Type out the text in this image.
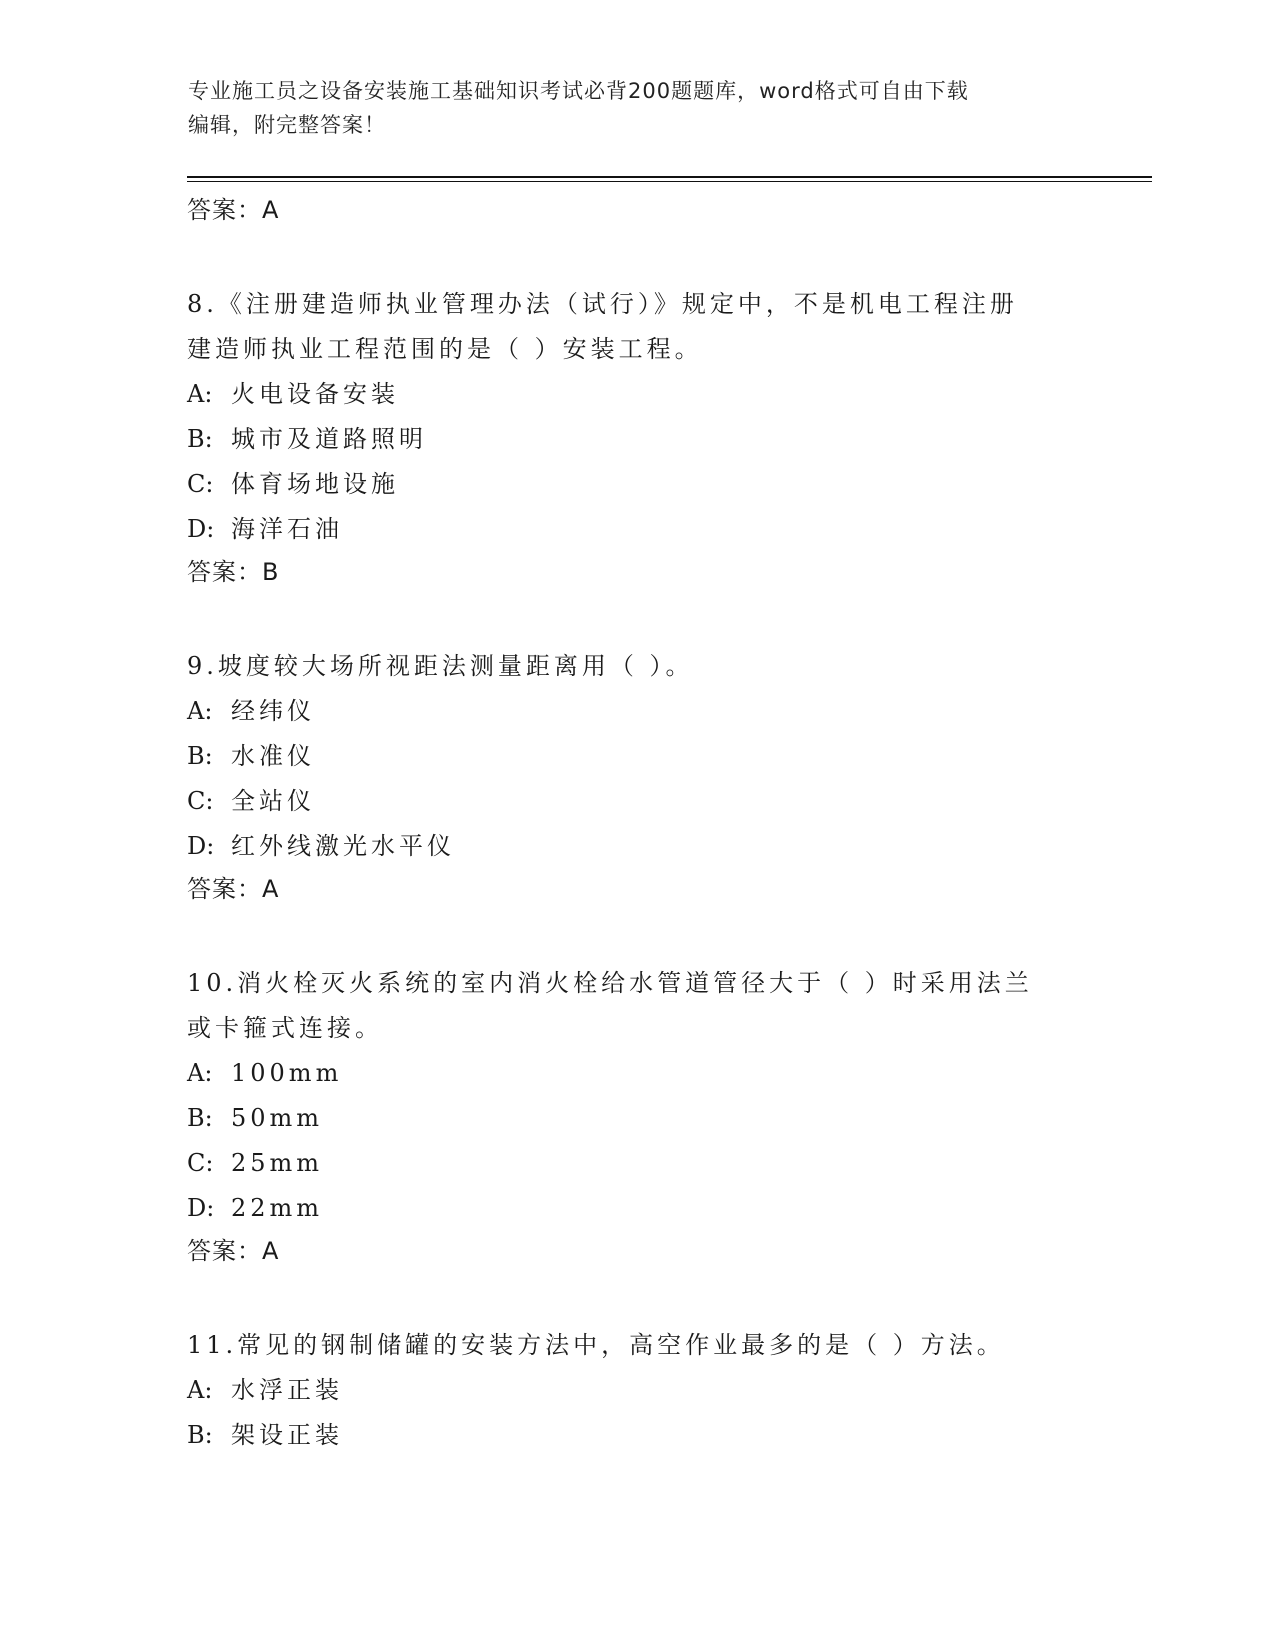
专业施工员之设备安装施工基础知识考试必背200题题库，word格式可自由下载
编辑，附完整答案！

答案：A

8.《注册建造师执业管理办法（试行）》规定中，不是机电工程注册

建造师执业工程范围的是（ ）安装工程。

A: 火电设备安装
B: 城市及道路照明
C: 体育场地设施
D: 海洋石油

答案：B

9.坡度较大场所视距法测量距离用（ ）。

A: 经纬仪
B: 水准仪
C: 全站仪
D: 红外线激光水平仪

答案：A

10.消火栓灭火系统的室内消火栓给水管道管径大于（ ）时采用法兰

或卡箍式连接。

A: 100mm
B: 50mm
C: 25mm
D: 22mm

答案：A

11.常见的钢制储罐的安装方法中，高空作业最多的是（ ）方法。

A: 水浮正装
B: 架设正装
